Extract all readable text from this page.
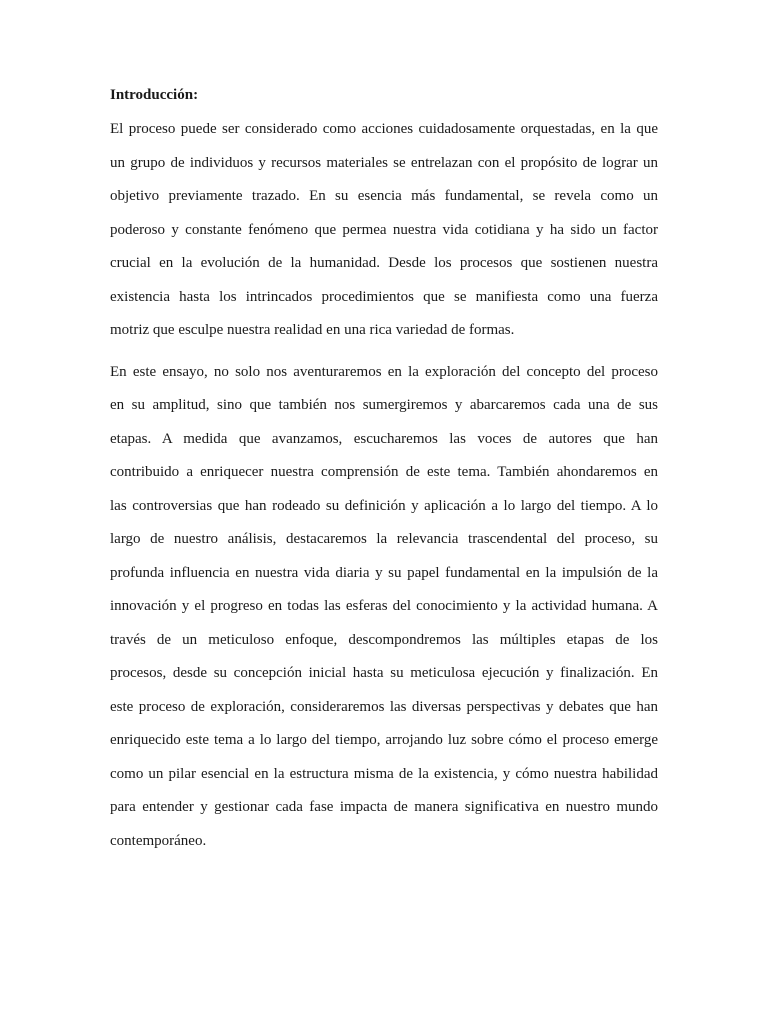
Introducción:
El proceso puede ser considerado como acciones cuidadosamente orquestadas, en la que
un grupo de individuos y recursos materiales se entrelazan con el propósito de lograr un
objetivo previamente trazado. En su esencia más fundamental, se revela como un
poderoso y constante fenómeno que permea nuestra vida cotidiana y ha sido un factor
crucial en la evolución de la humanidad. Desde los procesos que sostienen nuestra
existencia hasta los intrincados procedimientos que se manifiesta como una fuerza
motriz que esculpe nuestra realidad en una rica variedad de formas.
En este ensayo, no solo nos aventuraremos en la exploración del concepto del proceso
en su amplitud, sino que también nos sumergiremos y abarcaremos cada una de sus
etapas. A medida que avanzamos, escucharemos las voces de autores que han
contribuido a enriquecer nuestra comprensión de este tema. También ahondaremos en
las controversias que han rodeado su definición y aplicación a lo largo del tiempo. A lo
largo de nuestro análisis, destacaremos la relevancia trascendental del proceso, su
profunda influencia en nuestra vida diaria y su papel fundamental en la impulsión de la
innovación y el progreso en todas las esferas del conocimiento y la actividad humana. A
través de un meticuloso enfoque, descompondremos las múltiples etapas de los
procesos, desde su concepción inicial hasta su meticulosa ejecución y finalización. En
este proceso de exploración, consideraremos las diversas perspectivas y debates que han
enriquecido este tema a lo largo del tiempo, arrojando luz sobre cómo el proceso emerge
como un pilar esencial en la estructura misma de la existencia, y cómo nuestra habilidad
para entender y gestionar cada fase impacta de manera significativa en nuestro mundo
contemporáneo.
